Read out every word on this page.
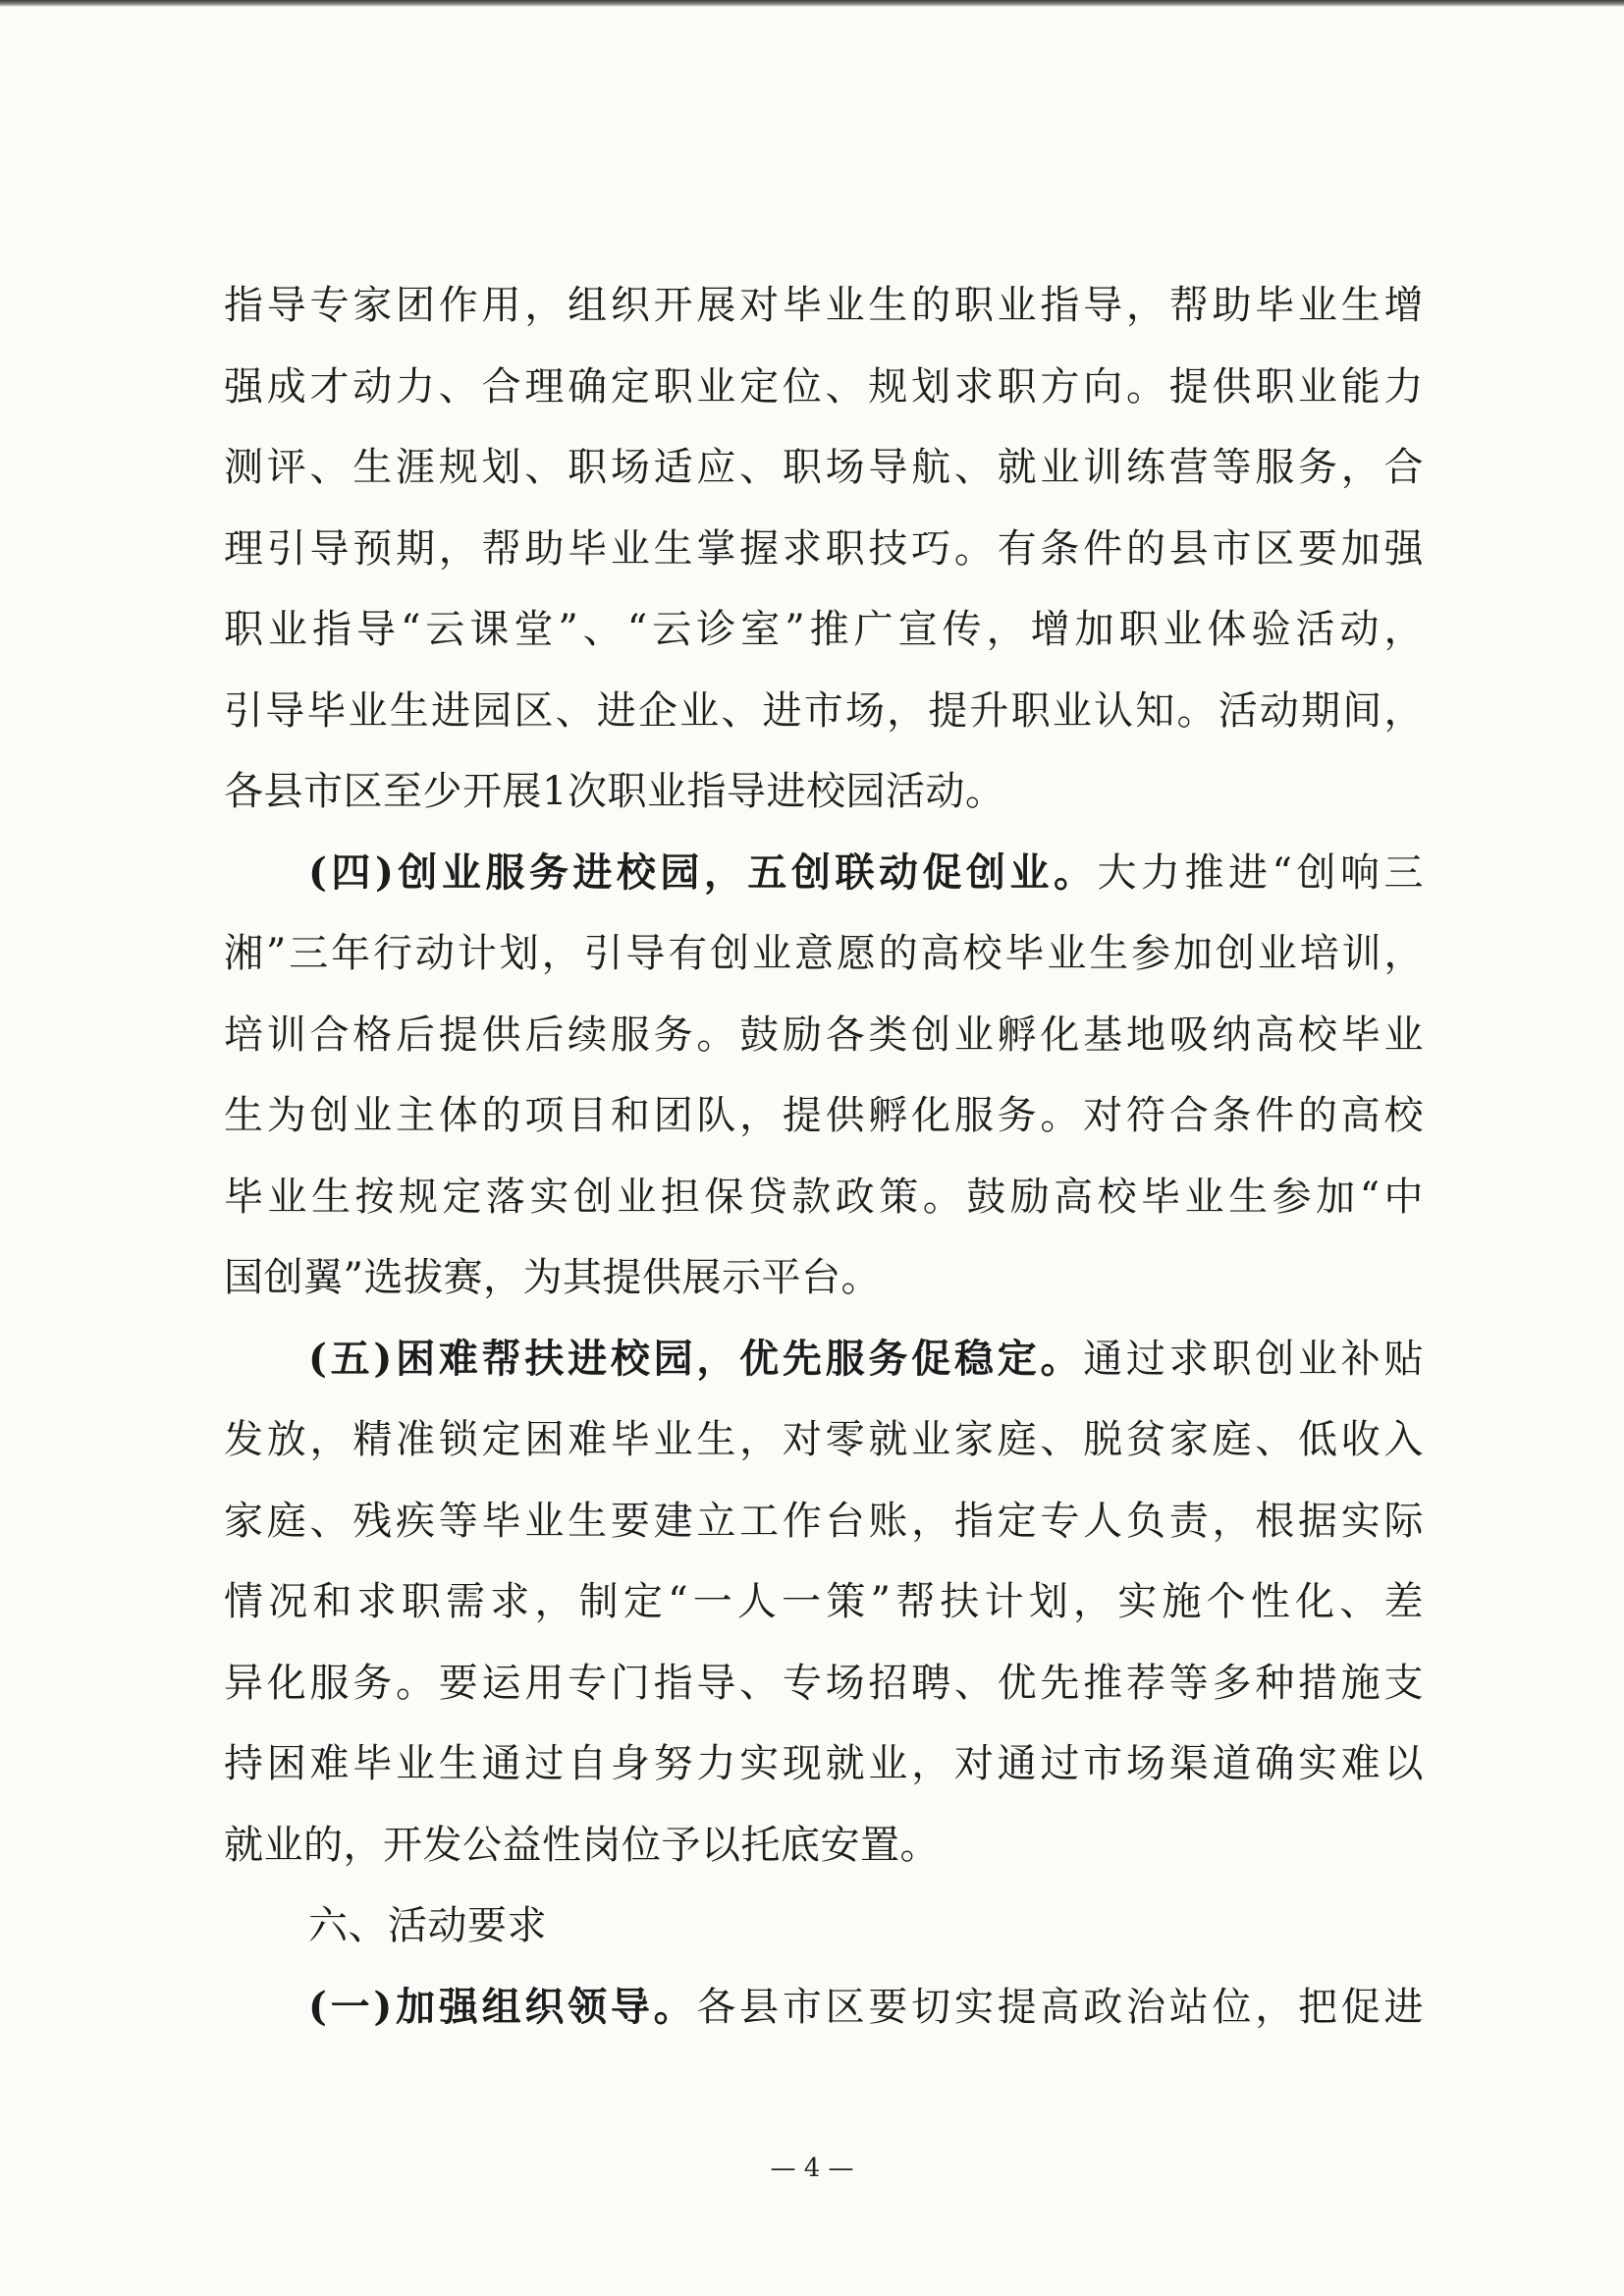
指导专家团作用，组织开展对毕业生的职业指导，帮助毕业生增
强成才动力、合理确定职业定位、规划求职方向。提供职业能力
测评、生涯规划、职场适应、职场导航、就业训练营等服务，合
理引导预期，帮助毕业生掌握求职技巧。有条件的县市区要加强
职业指导“云课堂”、“云诊室”推广宣传，增加职业体验活动，
引导毕业生进园区、进企业、进市场，提升职业认知。活动期间，
各县市区至少开展1次职业指导进校园活动。
(四)创业服务进校园，五创联动促创业。大力推进“创响三
湘”三年行动计划，引导有创业意愿的高校毕业生参加创业培训，
培训合格后提供后续服务。鼓励各类创业孵化基地吸纳高校毕业
生为创业主体的项目和团队，提供孵化服务。对符合条件的高校
毕业生按规定落实创业担保贷款政策。鼓励高校毕业生参加“中
国创翼”选拔赛，为其提供展示平台。
(五)困难帮扶进校园，优先服务促稳定。通过求职创业补贴
发放，精准锁定困难毕业生，对零就业家庭、脱贫家庭、低收入
家庭、残疾等毕业生要建立工作台账，指定专人负责，根据实际
情况和求职需求，制定“一人一策”帮扶计划，实施个性化、差
异化服务。要运用专门指导、专场招聘、优先推荐等多种措施支
持困难毕业生通过自身努力实现就业，对通过市场渠道确实难以
就业的，开发公益性岗位予以托底安置。
六、活动要求
(一)加强组织领导。各县市区要切实提高政治站位，把促进
— 4 —
